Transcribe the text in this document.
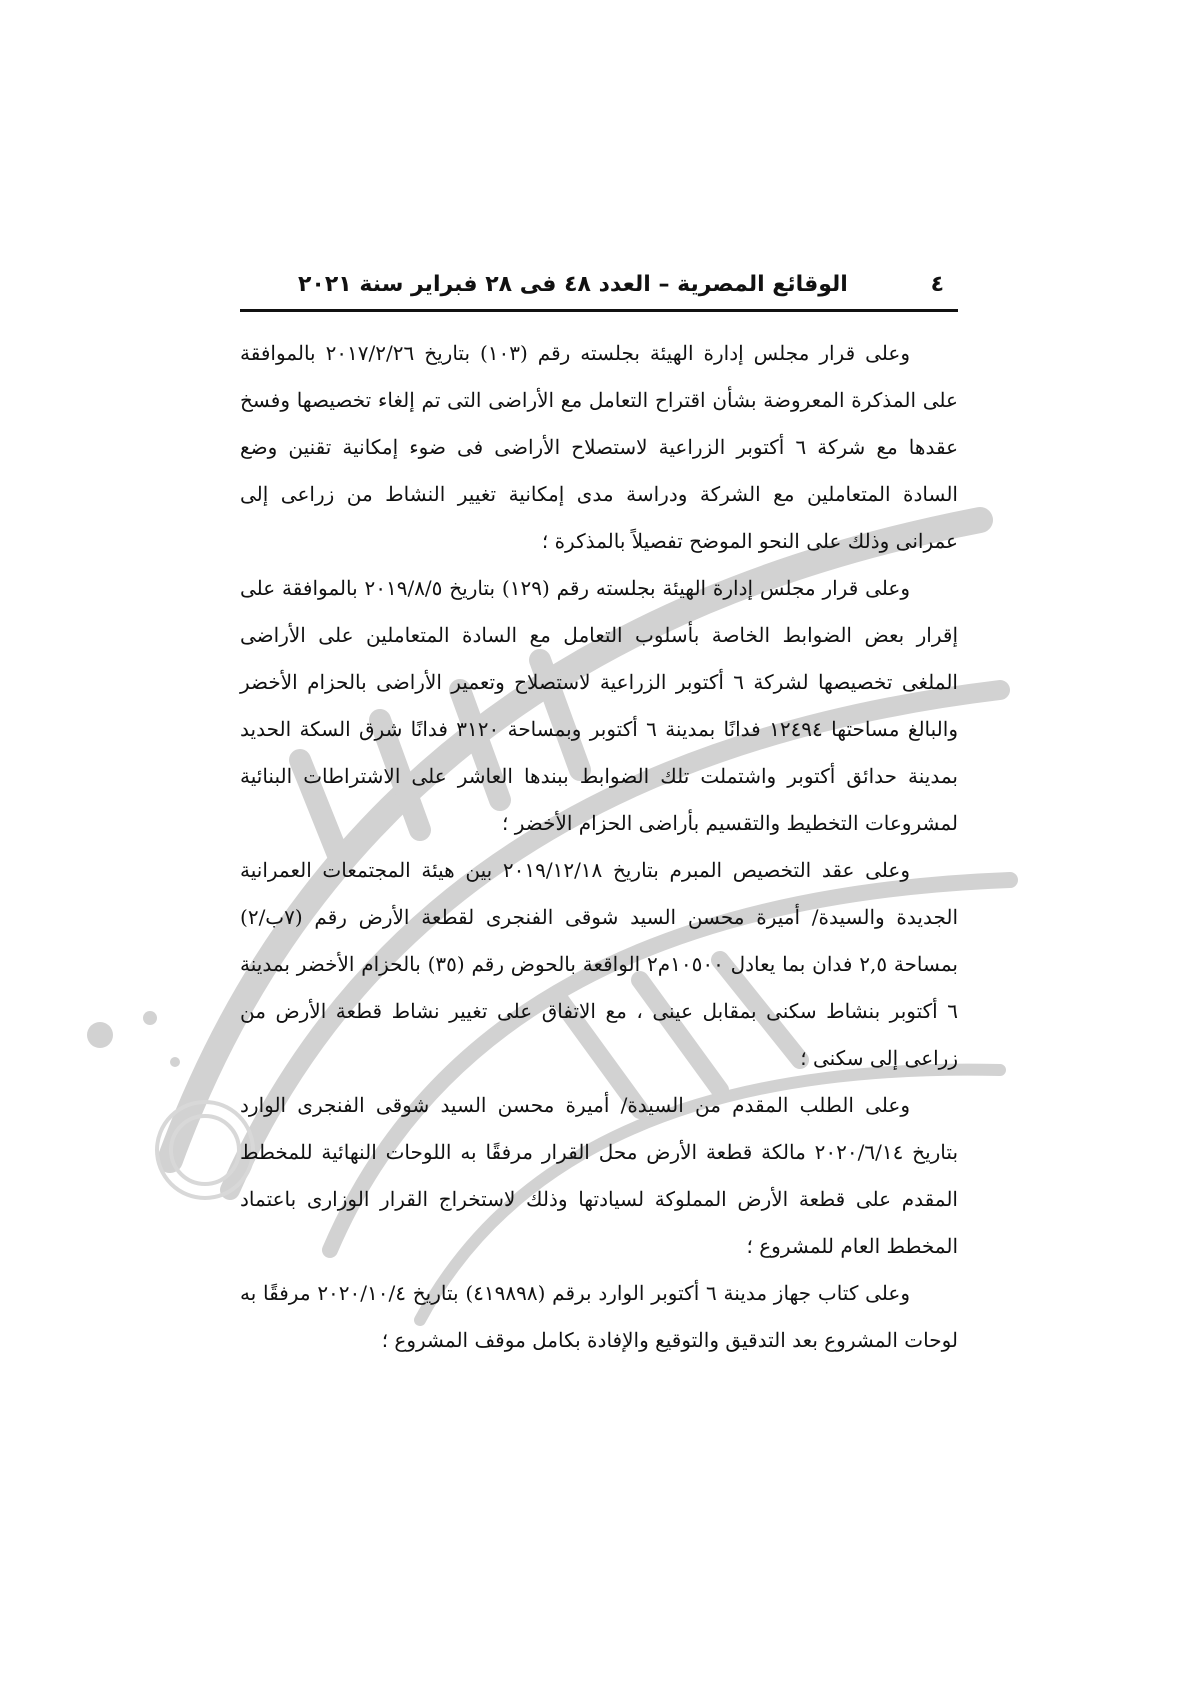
٤
الوقائع المصرية – العدد ٤٨ فى ٢٨ فبراير سنة ٢٠٢١

وعلى قرار مجلس إدارة الهيئة بجلسته رقم (١٠٣) بتاريخ ٢٠١٧/٢/٢٦ بالموافقة على المذكرة المعروضة بشأن اقتراح التعامل مع الأراضى التى تم إلغاء تخصيصها وفسخ عقدها مع شركة ٦ أكتوبر الزراعية لاستصلاح الأراضى فى ضوء إمكانية تقنين وضع السادة المتعاملين مع الشركة ودراسة مدى إمكانية تغيير النشاط من زراعى إلى عمرانى وذلك على النحو الموضح تفصيلاً بالمذكرة ؛

وعلى قرار مجلس إدارة الهيئة بجلسته رقم (١٢٩) بتاريخ ٢٠١٩/٨/٥ بالموافقة على إقرار بعض الضوابط الخاصة بأسلوب التعامل مع السادة المتعاملين على الأراضى الملغى تخصيصها لشركة ٦ أكتوبر الزراعية لاستصلاح وتعمير الأراضى بالحزام الأخضر والبالغ مساحتها ١٢٤٩٤ فدانًا بمدينة ٦ أكتوبر وبمساحة ٣١٢٠ فدانًا شرق السكة الحديد بمدينة حدائق أكتوبر واشتملت تلك الضوابط ببندها العاشر على الاشتراطات البنائية لمشروعات التخطيط والتقسيم بأراضى الحزام الأخضر ؛

وعلى عقد التخصيص المبرم بتاريخ ٢٠١٩/١٢/١٨ بين هيئة المجتمعات العمرانية الجديدة والسيدة/ أميرة محسن السيد شوقى الفنجرى لقطعة الأرض رقم (٧ب/٢) بمساحة ٢,٥ فدان بما يعادل ١٠٥٠٠م٢ الواقعة بالحوض رقم (٣٥) بالحزام الأخضر بمدينة ٦ أكتوبر بنشاط سكنى بمقابل عينى ، مع الاتفاق على تغيير نشاط قطعة الأرض من زراعى إلى سكنى ؛

وعلى الطلب المقدم من السيدة/ أميرة محسن السيد شوقى الفنجرى الوارد بتاريخ ٢٠٢٠/٦/١٤ مالكة قطعة الأرض محل القرار مرفقًا به اللوحات النهائية للمخطط المقدم على قطعة الأرض المملوكة لسيادتها وذلك لاستخراج القرار الوزارى باعتماد المخطط العام للمشروع ؛

وعلى كتاب جهاز مدينة ٦ أكتوبر الوارد برقم (٤١٩٨٩٨) بتاريخ ٢٠٢٠/١٠/٤ مرفقًا به لوحات المشروع بعد التدقيق والتوقيع والإفادة بكامل موقف المشروع ؛
